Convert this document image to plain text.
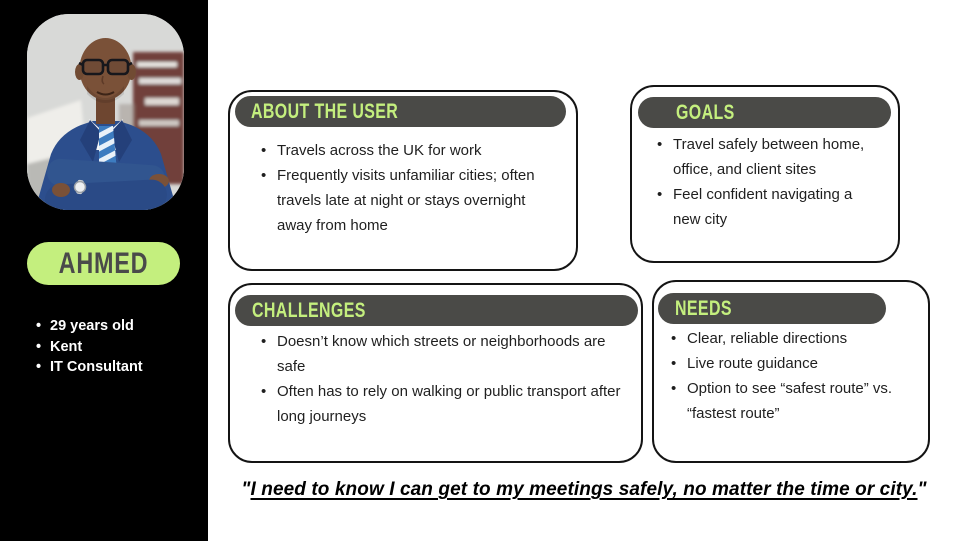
AHMED
• 29 years old
• Kent
• IT Consultant
ABOUT THE USER
• Travels across the UK for work
• Frequently visits unfamiliar cities; often travels late at night or stays overnight away from home
GOALS
• Travel safely between home, office, and client sites
• Feel confident navigating a new city
CHALLENGES
• Doesn’t know which streets or neighborhoods are safe
• Often has to rely on walking or public transport after long journeys
NEEDS
• Clear, reliable directions
• Live route guidance
• Option to see “safest route” vs. “fastest route”
"I need to know I can get to my meetings safely, no matter the time or city."
